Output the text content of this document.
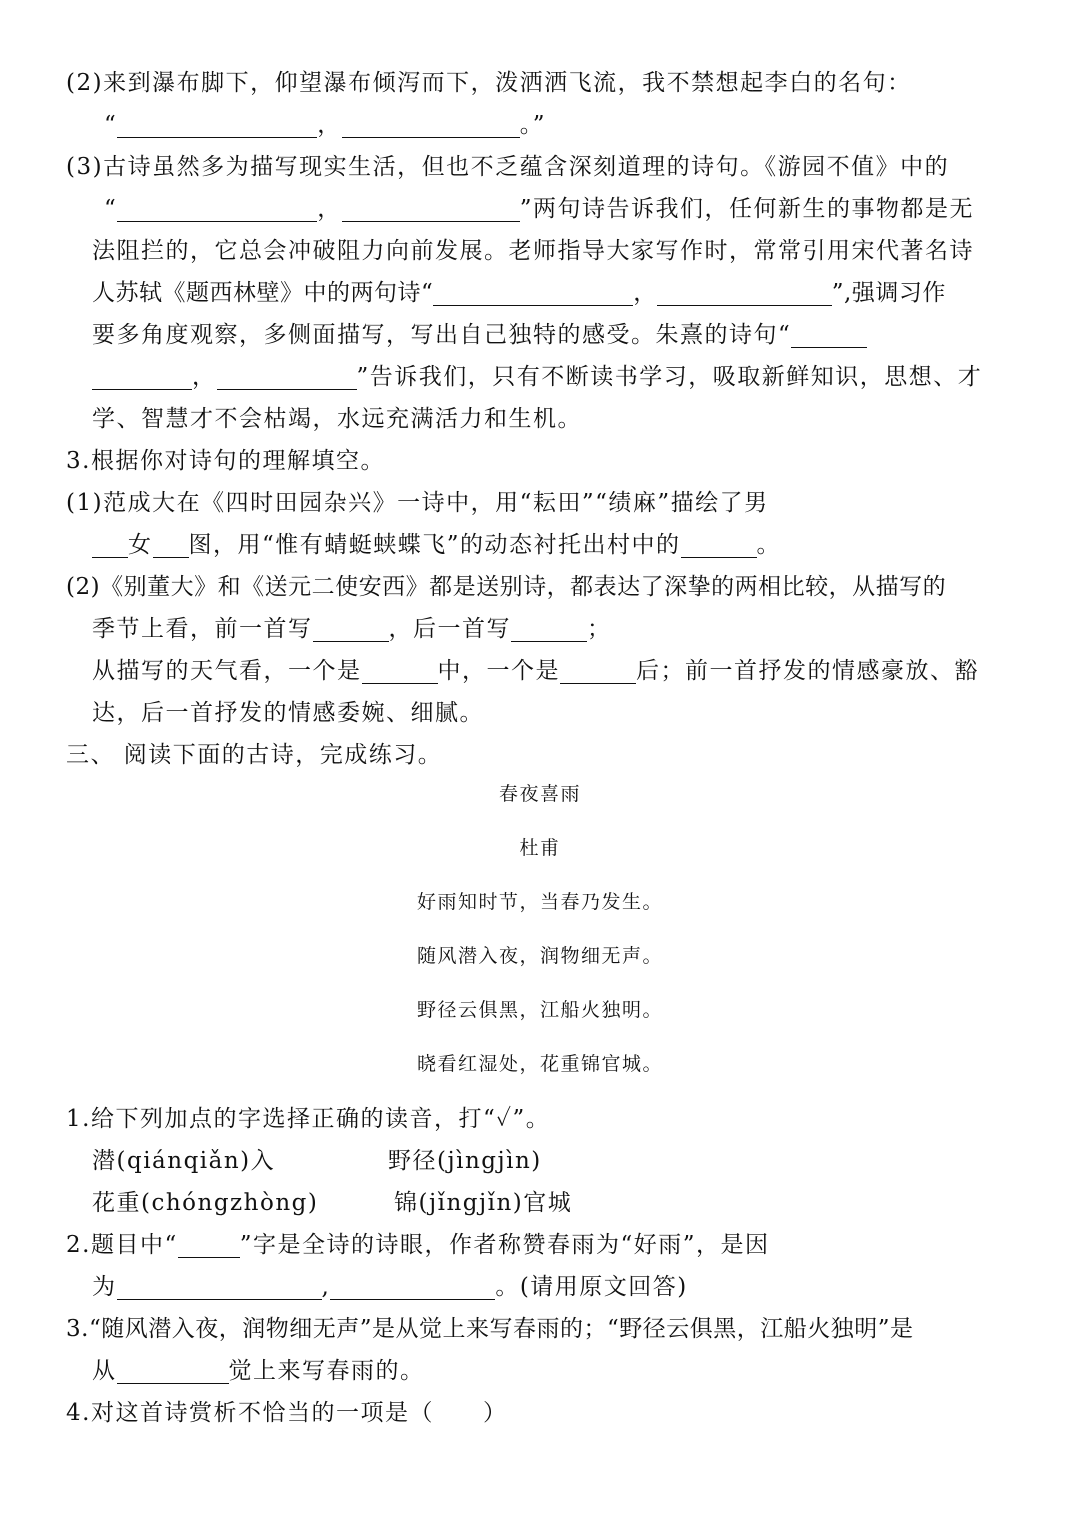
(2)来到瀑布脚下，仰望瀑布倾泻而下，泼洒洒飞流，我不禁想起李白的名句：
“	，	。”
(3)古诗虽然多为描写现实生活，但也不乏蕴含深刻道理的诗句。《游园不值》中的
“	，	”两句诗告诉我们，任何新生的事物都是无
法阻拦的，它总会冲破阻力向前发展。老师指导大家写作时，常常引用宋代著名诗
人苏轼《题西林壁》中的两句诗“	，	”,强调习作
要多角度观察，多侧面描写，写出自己独特的感受。朱熹的诗句“
，	”告诉我们，只有不断读书学习，吸取新鲜知识，思想、才
学、智慧才不会枯竭，水远充满活力和生机。
3.根据你对诗句的理解填空。
(1)范成大在《四时田园杂兴》一诗中，用“耘田”“绩麻”描绘了男
女 图，用“惟有蜻蜓蛱蝶飞”的动态衬托出村中的	。
(2)《别董大》和《送元二使安西》都是送别诗，都表达了深挚的两相比较，从描写的
季节上看，前一首写	，后一首写	；
从描写的天气看，一个是	中，一个是	后；前一首抒发的情感豪放、豁
达，后一首抒发的情感委婉、细腻。
三、 阅读下面的古诗，完成练习。
春夜喜雨
杜甫
好雨知时节，当春乃发生。
随风潜入夜，润物细无声。
野径云俱黑，江船火独明。
晓看红湿处，花重锦官城。
1.给下列加点的字选择正确的读音，打“✓”。
潜(qiánqiǎn)入	野径(jìngjìn)
花重(chóngzhòng)	锦(jǐngjǐn)官城
2.题目中“	”字是全诗的诗眼，作者称赞春雨为“好雨”，是因
为	,	。(请用原文回答)
3.“随风潜入夜，润物细无声”是从觉上来写春雨的；“野径云俱黑，江船火独明”是
从	觉上来写春雨的。
4.对这首诗赏析不恰当的一项是（　　）
